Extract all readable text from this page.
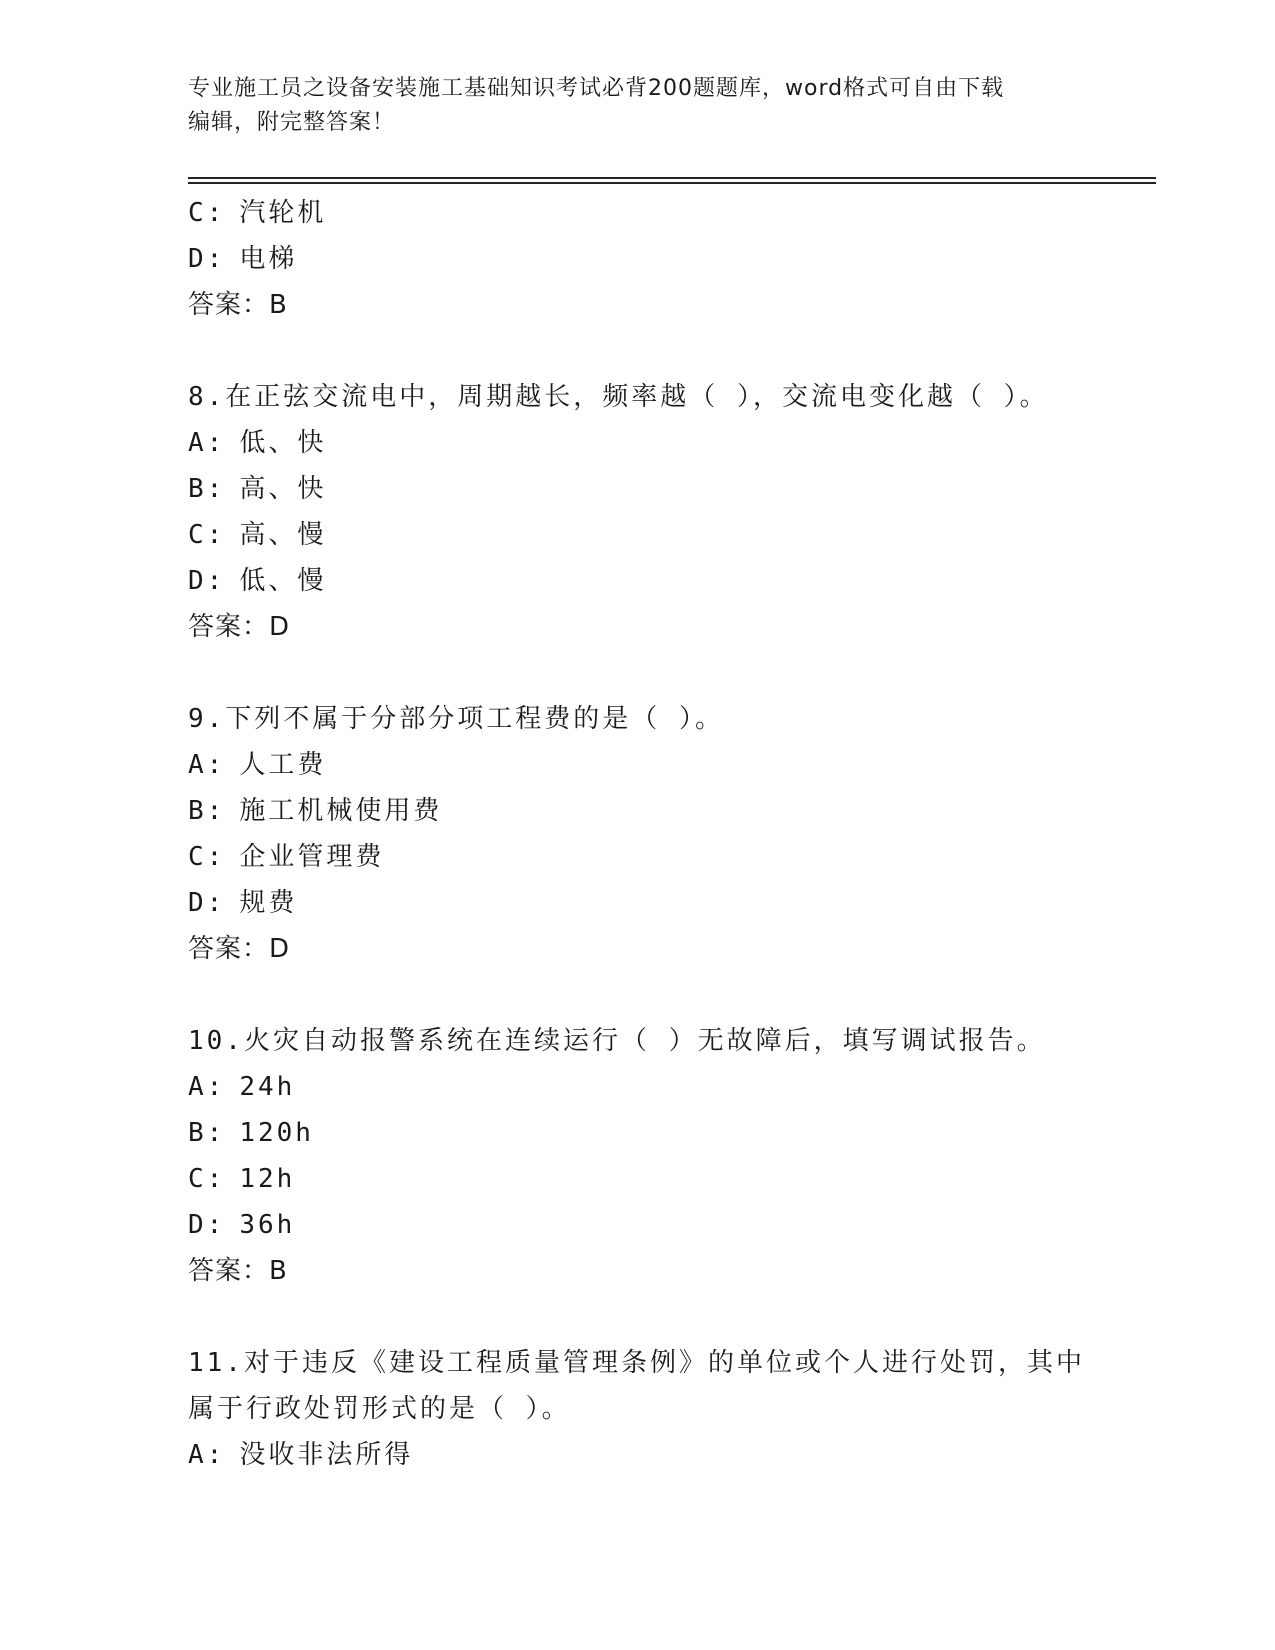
专业施工员之设备安装施工基础知识考试必背200题题库，word格式可自由下载
编辑，附完整答案！
C: 汽轮机
D: 电梯
答案：B
8.在正弦交流电中，周期越长，频率越（ ），交流电变化越（ ）。
A: 低、快
B: 高、快
C: 高、慢
D: 低、慢
答案：D
9.下列不属于分部分项工程费的是（ ）。
A: 人工费
B: 施工机械使用费
C: 企业管理费
D: 规费
答案：D
10.火灾自动报警系统在连续运行（ ）无故障后，填写调试报告。
A: 24h
B: 120h
C: 12h
D: 36h
答案：B
11.对于违反《建设工程质量管理条例》的单位或个人进行处罚，其中
属于行政处罚形式的是（ ）。
A: 没收非法所得
